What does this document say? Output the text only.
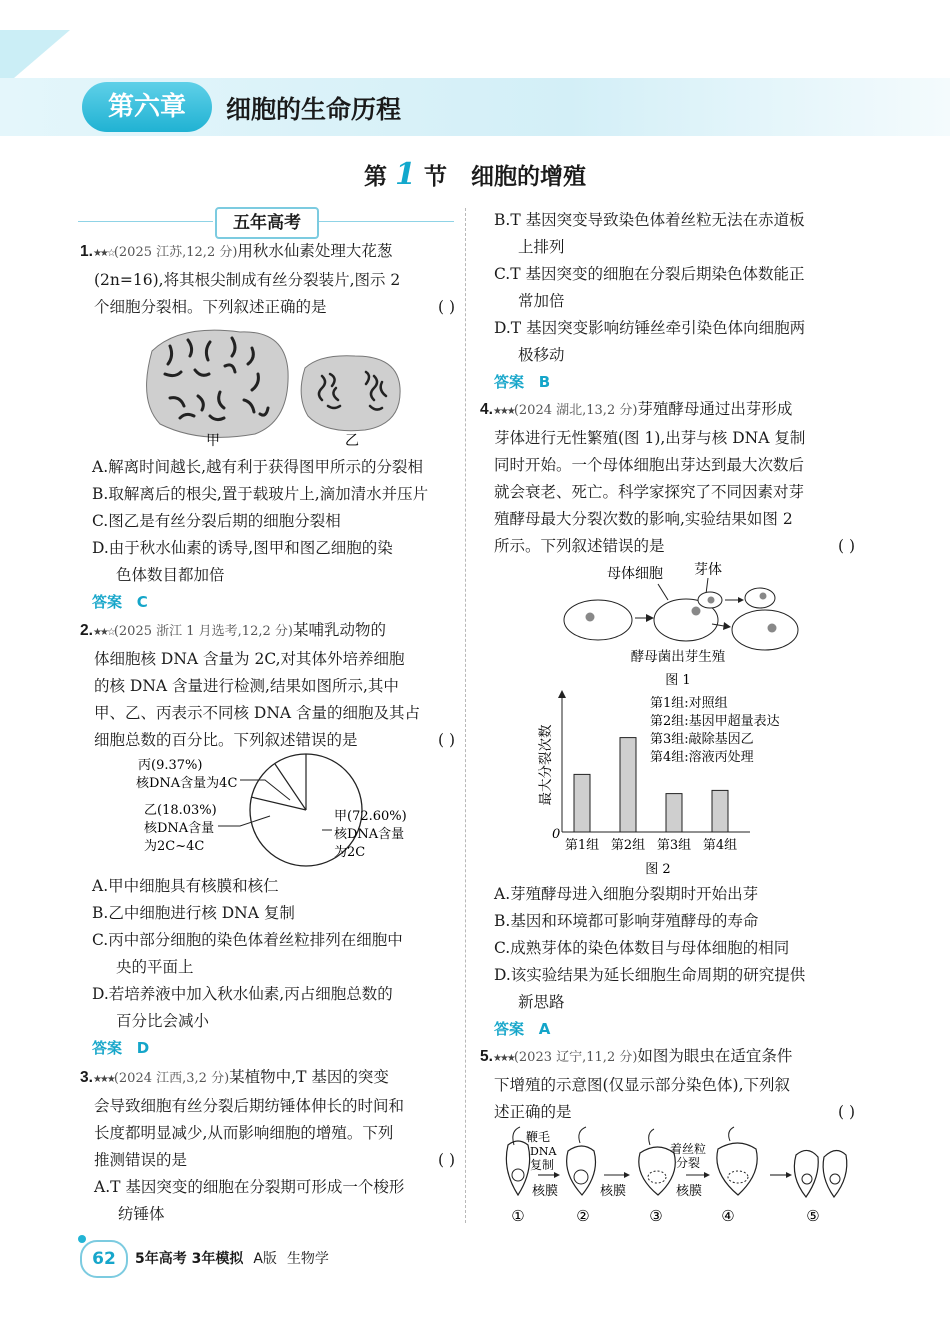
第六章	细胞的生命历程
第 1 节 细胞的增殖
五年高考
1.★★☆(2025 江苏,12,2 分)用秋水仙素处理大花葱
(2n=16),将其根尖制成有丝分裂装片,图示 2
个细胞分裂相。下列叙述正确的是	( )
甲	乙
A.解离时间越长,越有利于获得图甲所示的分裂相
B.取解离后的根尖,置于载玻片上,滴加清水并压片
C.图乙是有丝分裂后期的细胞分裂相
D.由于秋水仙素的诱导,图甲和图乙细胞的染
色体数目都加倍
答案 C
2.★★☆(2025 浙江 1 月选考,12,2 分)某哺乳动物的
体细胞核 DNA 含量为 2C,对其体外培养细胞
的核 DNA 含量进行检测,结果如图所示,其中
甲、乙、丙表示不同核 DNA 含量的细胞及其占
细胞总数的百分比。下列叙述错误的是	( )
丙(9.37%)
核DNA含量为4C
乙(18.03%)
核DNA含量
为2C~4C
甲(72.60%)
核DNA含量
为2C
A.甲中细胞具有核膜和核仁
B.乙中细胞进行核 DNA 复制
C.丙中部分细胞的染色体着丝粒排列在细胞中
央的平面上
D.若培养液中加入秋水仙素,丙占细胞总数的
百分比会减小
答案 D
3.★★★(2024 江西,3,2 分)某植物中,T 基因的突变
会导致细胞有丝分裂后期纺锤体伸长的时间和
长度都明显减少,从而影响细胞的增殖。下列
推测错误的是	( )
A.T 基因突变的细胞在分裂期可形成一个梭形
纺锤体
B.T 基因突变导致染色体着丝粒无法在赤道板
上排列
C.T 基因突变的细胞在分裂后期染色体数能正
常加倍
D.T 基因突变影响纺锤丝牵引染色体向细胞两
极移动
答案 B
4.★★★(2024 湖北,13,2 分)芽殖酵母通过出芽形成
芽体进行无性繁殖(图 1),出芽与核 DNA 复制
同时开始。一个母体细胞出芽达到最大次数后
就会衰老、死亡。科学家探究了不同因素对芽
殖酵母最大分裂次数的影响,实验结果如图 2
所示。下列叙述错误的是	( )
母体细胞 芽体
酵母菌出芽生殖
图 1
最大分裂次数
0
第1组 第2组 第3组 第4组
第1组:对照组
第2组:基因甲超量表达
第3组:敲除基因乙
第4组:溶液丙处理
图 2
A.芽殖酵母进入细胞分裂期时开始出芽
B.基因和环境都可影响芽殖酵母的寿命
C.成熟芽体的染色体数目与母体细胞的相同
D.该实验结果为延长细胞生命周期的研究提供
新思路
答案 A
5.★★★(2023 辽宁,11,2 分)如图为眼虫在适宜条件
下增殖的示意图(仅显示部分染色体),下列叙
述正确的是	( )
鞭毛
DNA
复制
着丝粒
分裂
核膜	核膜	核膜
①	②	③	④	⑤
62	5年高考 3年模拟 A版 生物学
